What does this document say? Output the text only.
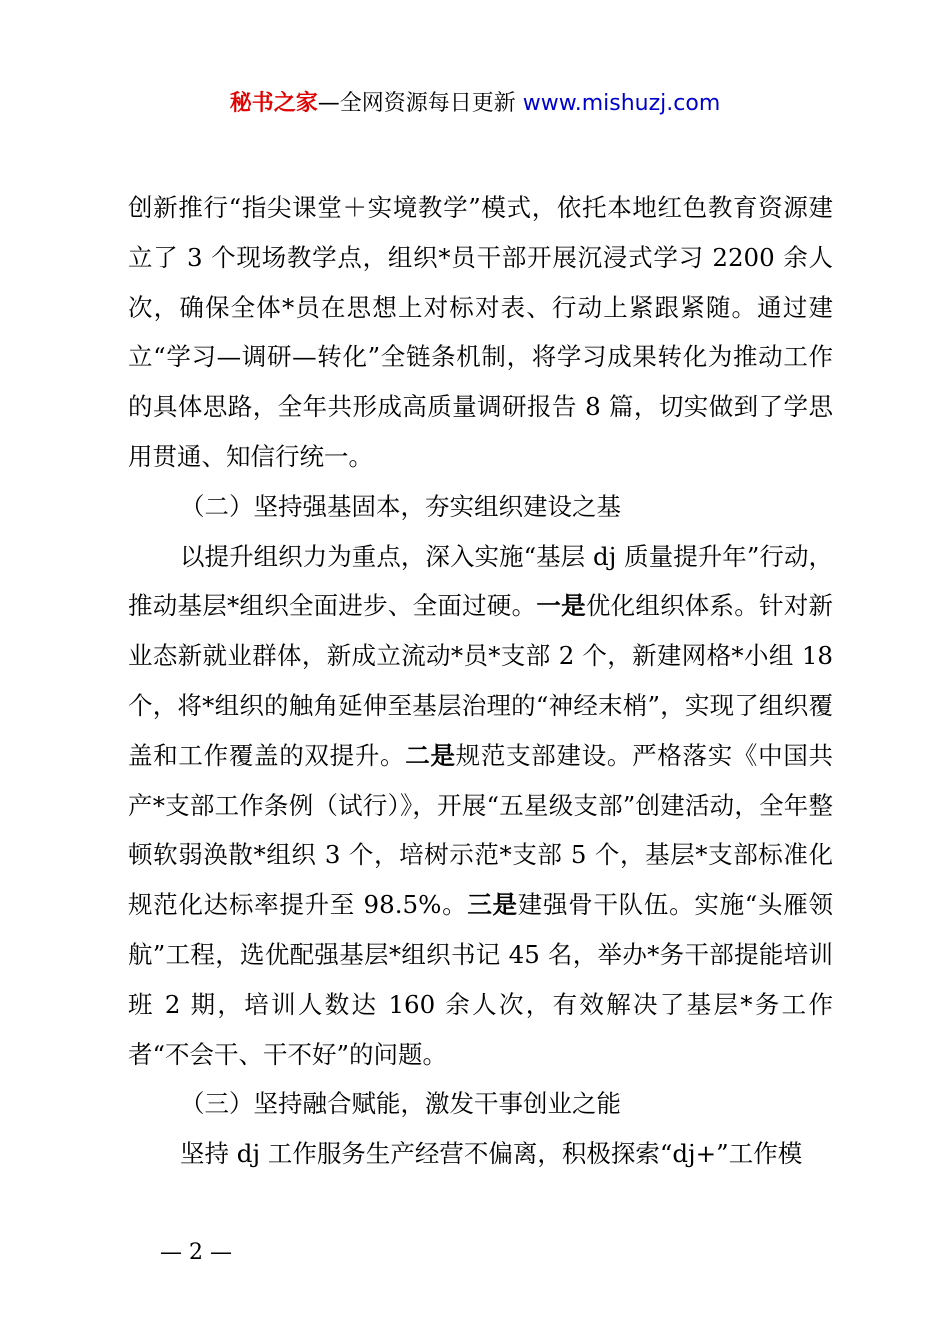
秘书之家—全网资源每日更新 www.mishuzj.com

创新推行“指尖课堂＋实境教学”模式，依托本地红色教育资源建立了 3 个现场教学点，组织*员干部开展沉浸式学习 2200 余人次，确保全体*员在思想上对标对表、行动上紧跟紧随。通过建立“学习—调研—转化”全链条机制，将学习成果转化为推动工作的具体思路，全年共形成高质量调研报告 8 篇，切实做到了学思用贯通、知信行统一。

（二）坚持强基固本，夯实组织建设之基

以提升组织力为重点，深入实施“基层 dj 质量提升年”行动，推动基层*组织全面进步、全面过硬。一是优化组织体系。针对新业态新就业群体，新成立流动*员*支部 2 个，新建网格*小组 18 个，将*组织的触角延伸至基层治理的“神经末梢”，实现了组织覆盖和工作覆盖的双提升。二是规范支部建设。严格落实《中国共产*支部工作条例（试行）》，开展“五星级支部”创建活动，全年整顿软弱涣散*组织 3 个，培树示范*支部 5 个，基层*支部标准化规范化达标率提升至 98.5%。三是建强骨干队伍。实施“头雁领航”工程，选优配强基层*组织书记 45 名，举办*务干部提能培训班 2 期，培训人数达 160 余人次，有效解决了基层*务工作者“不会干、干不好”的问题。

（三）坚持融合赋能，激发干事创业之能

坚持 dj 工作服务生产经营不偏离，积极探索“dj+”工作模

— 2 —
